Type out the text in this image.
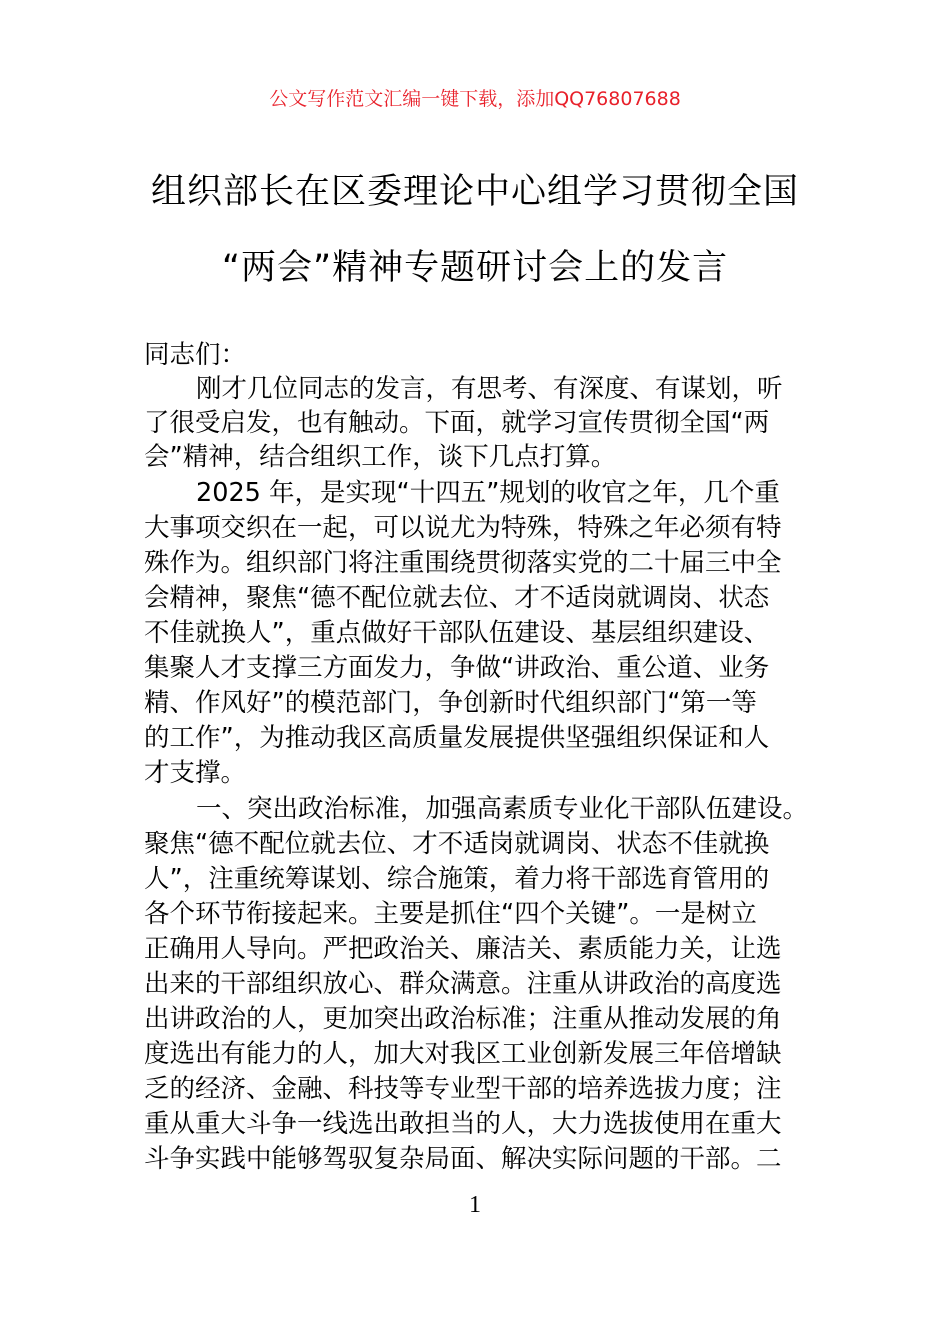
公文写作范文汇编一键下载，添加QQ76807688
组织部长在区委理论中心组学习贯彻全国
“两会”精神专题研讨会上的发言
同志们：
刚才几位同志的发言，有思考、有深度、有谋划，听
了很受启发，也有触动。下面，就学习宣传贯彻全国“两
会”精神，结合组织工作，谈下几点打算。
2025 年，是实现“十四五”规划的收官之年，几个重
大事项交织在一起，可以说尤为特殊，特殊之年必须有特
殊作为。组织部门将注重围绕贯彻落实党的二十届三中全
会精神，聚焦“德不配位就去位、才不适岗就调岗、状态
不佳就换人”，重点做好干部队伍建设、基层组织建设、
集聚人才支撑三方面发力，争做“讲政治、重公道、业务
精、作风好”的模范部门，争创新时代组织部门“第一等
的工作”，为推动我区高质量发展提供坚强组织保证和人
才支撑。
一、突出政治标准，加强高素质专业化干部队伍建设。
聚焦“德不配位就去位、才不适岗就调岗、状态不佳就换
人”，注重统筹谋划、综合施策，着力将干部选育管用的
各个环节衔接起来。主要是抓住“四个关键”。一是树立
正确用人导向。严把政治关、廉洁关、素质能力关，让选
出来的干部组织放心、群众满意。注重从讲政治的高度选
出讲政治的人，更加突出政治标准；注重从推动发展的角
度选出有能力的人，加大对我区工业创新发展三年倍增缺
乏的经济、金融、科技等专业型干部的培养选拔力度；注
重从重大斗争一线选出敢担当的人，大力选拔使用在重大
斗争实践中能够驾驭复杂局面、解决实际问题的干部。二
1
